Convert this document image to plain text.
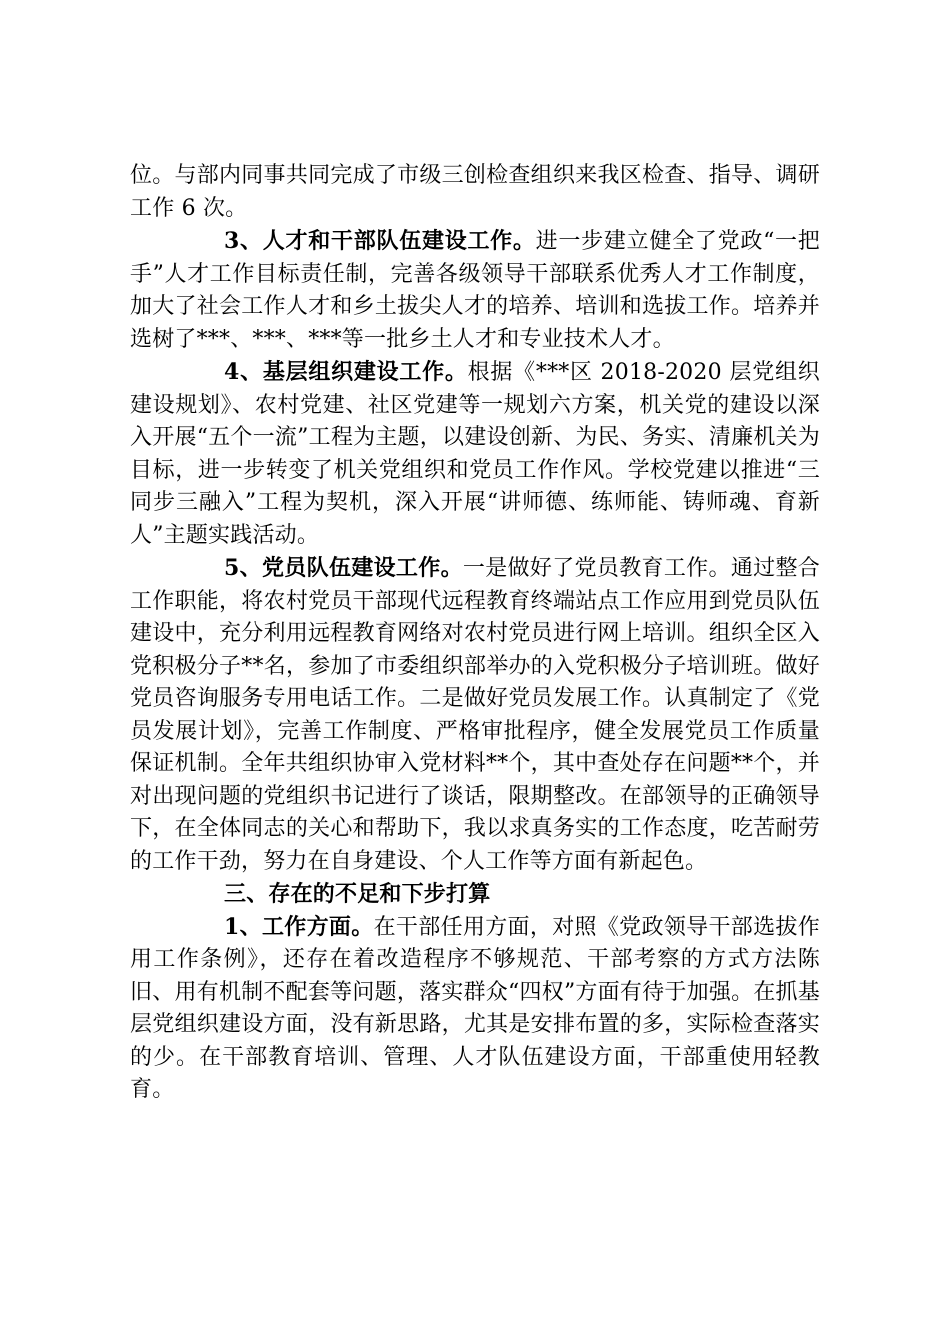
位。与部内同事共同完成了市级三创检查组织来我区检查、指导、调研工作 6 次。

3、人才和干部队伍建设工作。进一步建立健全了党政“一把手”人才工作目标责任制，完善各级领导干部联系优秀人才工作制度，加大了社会工作人才和乡土拔尖人才的培养、培训和选拔工作。培养并选树了***、***、***等一批乡土人才和专业技术人才。

4、基层组织建设工作。根据《***区 2018-2020 层党组织建设规划》、农村党建、社区党建等一规划六方案，机关党的建设以深入开展“五个一流”工程为主题，以建设创新、为民、务实、清廉机关为目标，进一步转变了机关党组织和党员工作作风。学校党建以推进“三同步三融入”工程为契机，深入开展“讲师德、练师能、铸师魂、育新人”主题实践活动。

5、党员队伍建设工作。一是做好了党员教育工作。通过整合工作职能，将农村党员干部现代远程教育终端站点工作应用到党员队伍建设中，充分利用远程教育网络对农村党员进行网上培训。组织全区入党积极分子**名，参加了市委组织部举办的入党积极分子培训班。做好党员咨询服务专用电话工作。二是做好党员发展工作。认真制定了《党员发展计划》，完善工作制度、严格审批程序，健全发展党员工作质量保证机制。全年共组织协审入党材料**个，其中查处存在问题**个，并对出现问题的党组织书记进行了谈话，限期整改。在部领导的正确领导下，在全体同志的关心和帮助下，我以求真务实的工作态度，吃苦耐劳的工作干劲，努力在自身建设、个人工作等方面有新起色。

三、存在的不足和下步打算

1、工作方面。在干部任用方面，对照《党政领导干部选拔作用工作条例》，还存在着改造程序不够规范、干部考察的方式方法陈旧、用有机制不配套等问题，落实群众“四权”方面有待于加强。在抓基层党组织建设方面，没有新思路，尤其是安排布置的多，实际检查落实的少。在干部教育培训、管理、人才队伍建设方面，干部重使用轻教育。
